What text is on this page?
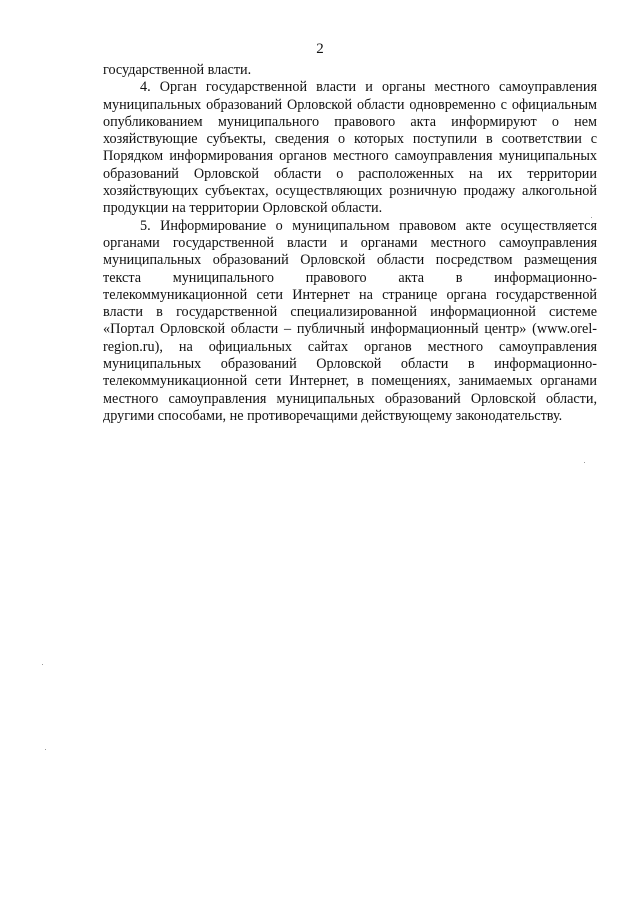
2

государственной власти.

4. Орган государственной власти и органы местного самоуправления муниципальных образований Орловской области одновременно с официальным опубликованием муниципального правового акта информируют о нем хозяйствующие субъекты, сведения о которых поступили в соответствии с Порядком информирования органов местного самоуправления муниципальных образований Орловской области о расположенных на их территории хозяйствующих субъектах, осуществляющих розничную продажу алкогольной продукции на территории Орловской области.

5. Информирование о муниципальном правовом акте осуществляется органами государственной власти и органами местного самоуправления муниципальных образований Орловской области посредством размещения текста муниципального правового акта в информационно-телекоммуникационной сети Интернет на странице органа государственной власти в государственной специализированной информационной системе «Портал Орловской области – публичный информационный центр» (www.orel-region.ru), на официальных сайтах органов местного самоуправления муниципальных образований Орловской области в информационно-телекоммуникационной сети Интернет, в помещениях, занимаемых органами местного самоуправления муниципальных образований Орловской области, другими способами, не противоречащими действующему законодательству.
